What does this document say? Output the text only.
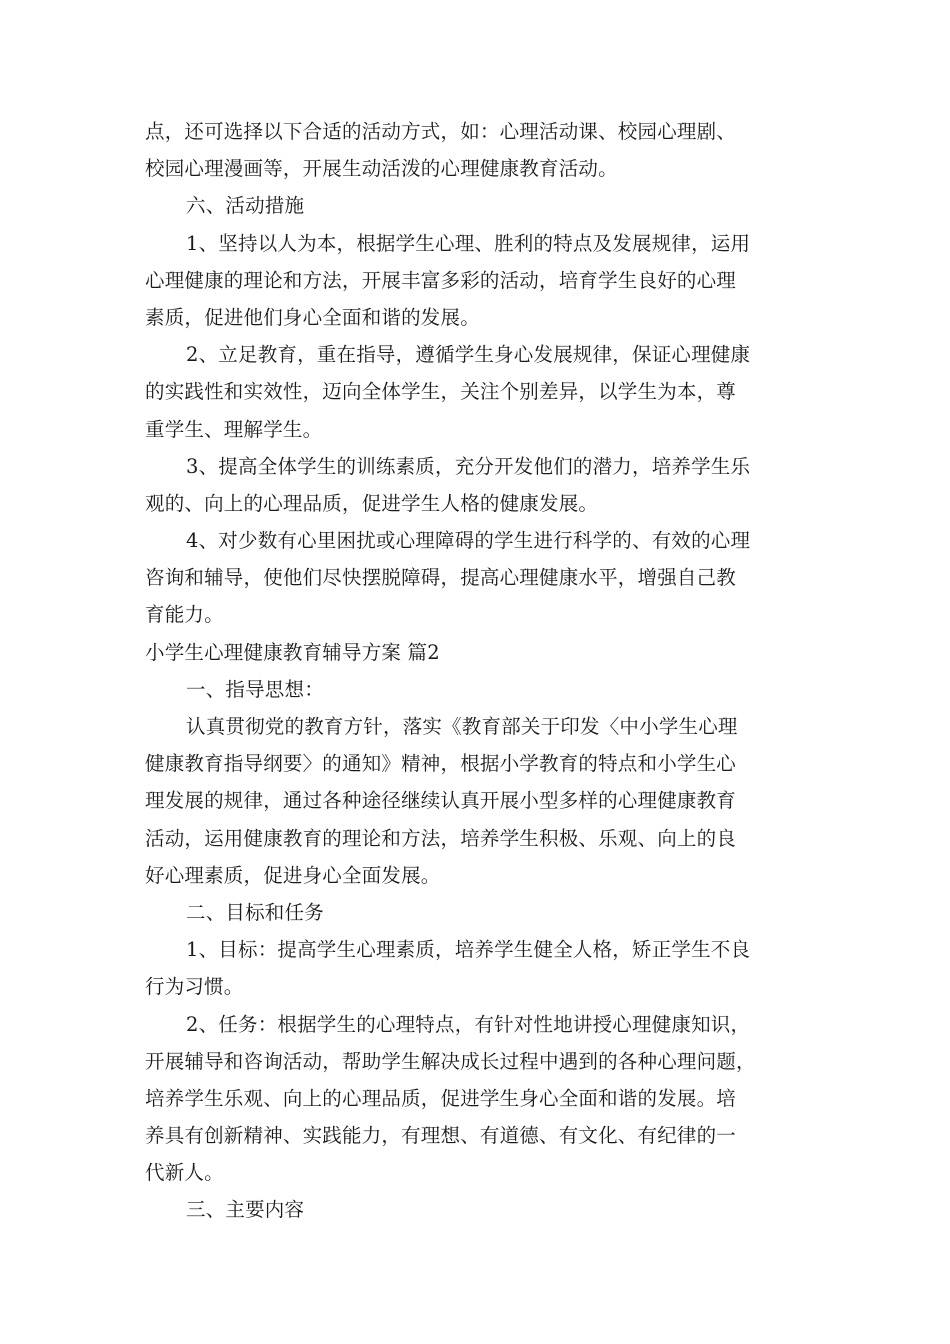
点，还可选择以下合适的活动方式，如：心理活动课、校园心理剧、
校园心理漫画等，开展生动活泼的心理健康教育活动。
六、活动措施
1、坚持以人为本，根据学生心理、胜利的特点及发展规律，运用
心理健康的理论和方法，开展丰富多彩的活动，培育学生良好的心理
素质，促进他们身心全面和谐的发展。
2、立足教育，重在指导，遵循学生身心发展规律，保证心理健康
的实践性和实效性，迈向全体学生，关注个别差异，以学生为本，尊
重学生、理解学生。
3、提高全体学生的训练素质，充分开发他们的潜力，培养学生乐
观的、向上的心理品质，促进学生人格的健康发展。
4、对少数有心里困扰或心理障碍的学生进行科学的、有效的心理
咨询和辅导，使他们尽快摆脱障碍，提高心理健康水平，增强自己教
育能力。
小学生心理健康教育辅导方案 篇2
一、指导思想：
认真贯彻党的教育方针，落实《教育部关于印发〈中小学生心理
健康教育指导纲要〉的通知》精神，根据小学教育的特点和小学生心
理发展的规律，通过各种途径继续认真开展小型多样的心理健康教育
活动，运用健康教育的理论和方法，培养学生积极、乐观、向上的良
好心理素质，促进身心全面发展。
二、目标和任务
1、目标：提高学生心理素质，培养学生健全人格，矫正学生不良
行为习惯。
2、任务：根据学生的心理特点，有针对性地讲授心理健康知识，
开展辅导和咨询活动，帮助学生解决成长过程中遇到的各种心理问题，
培养学生乐观、向上的心理品质，促进学生身心全面和谐的发展。培
养具有创新精神、实践能力，有理想、有道德、有文化、有纪律的一
代新人。
三、主要内容
